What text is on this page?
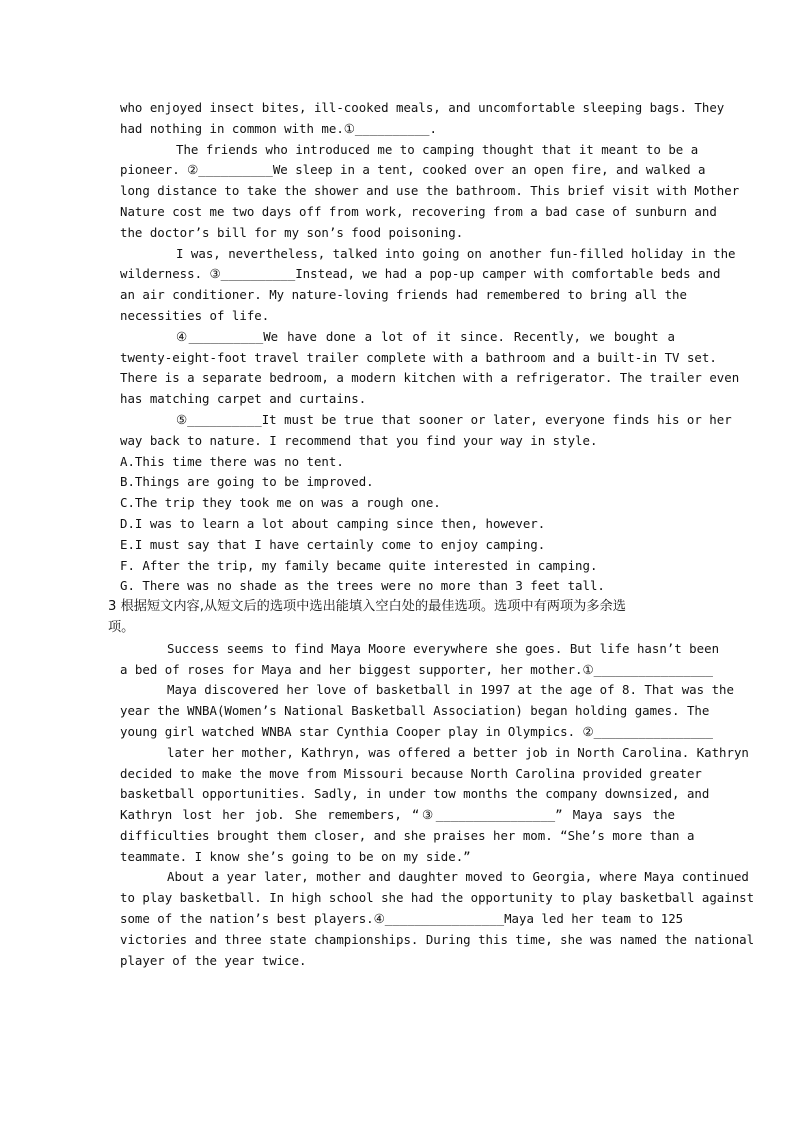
who enjoyed insect bites, ill-cooked meals, and uncomfortable sleeping bags. They
had nothing in common with me.①__________.
The friends who introduced me to camping thought that it meant to be a
pioneer. ②__________We sleep in a tent, cooked over an open fire, and walked a
long distance to take the shower and use the bathroom. This brief visit with Mother
Nature cost me two days off from work, recovering from a bad case of sunburn and
the doctor’s bill for my son’s food poisoning.
I was, nevertheless, talked into going on another fun-filled holiday in the
wilderness. ③__________Instead, we had a pop-up camper with comfortable beds and
an air conditioner. My nature-loving friends had remembered to bring all the
necessities of life.
④__________We have done a lot of it since. Recently, we bought a
twenty-eight-foot travel trailer complete with a bathroom and a built-in TV set.
There is a separate bedroom, a modern kitchen with a refrigerator. The trailer even
has matching carpet and curtains.
⑤__________It must be true that sooner or later, everyone finds his or her
way back to nature. I recommend that you find your way in style.
A.This time there was no tent.
B.Things are going to be improved.
C.The trip they took me on was a rough one.
D.I was to learn a lot about camping since then, however.
E.I must say that I have certainly come to enjoy camping.
F. After the trip, my family became quite interested in camping.
G. There was no shade as the trees were no more than 3 feet tall.
3 根据短文内容,从短文后的选项中选出能填入空白处的最佳选项。选项中有两项为多余选
项。
Success seems to find Maya Moore everywhere she goes. But life hasn’t been
a bed of roses for Maya and her biggest supporter, her mother.①________________
Maya discovered her love of basketball in 1997 at the age of 8. That was the
year the WNBA(Women’s National Basketball Association) began holding games. The
young girl watched WNBA star Cynthia Cooper play in Olympics. ②________________
later her mother, Kathryn, was offered a better job in North Carolina. Kathryn
decided to make the move from Missouri because North Carolina provided greater
basketball opportunities. Sadly, in under tow months the company downsized, and
Kathryn lost her job. She remembers, “③________________” Maya says the
difficulties brought them closer, and she praises her mom. “She’s more than a
teammate. I know she’s going to be on my side.”
About a year later, mother and daughter moved to Georgia, where Maya continued
to play basketball. In high school she had the opportunity to play basketball against
some of the nation’s best players.④________________Maya led her team to 125
victories and three state championships. During this time, she was named the national
player of the year twice.
